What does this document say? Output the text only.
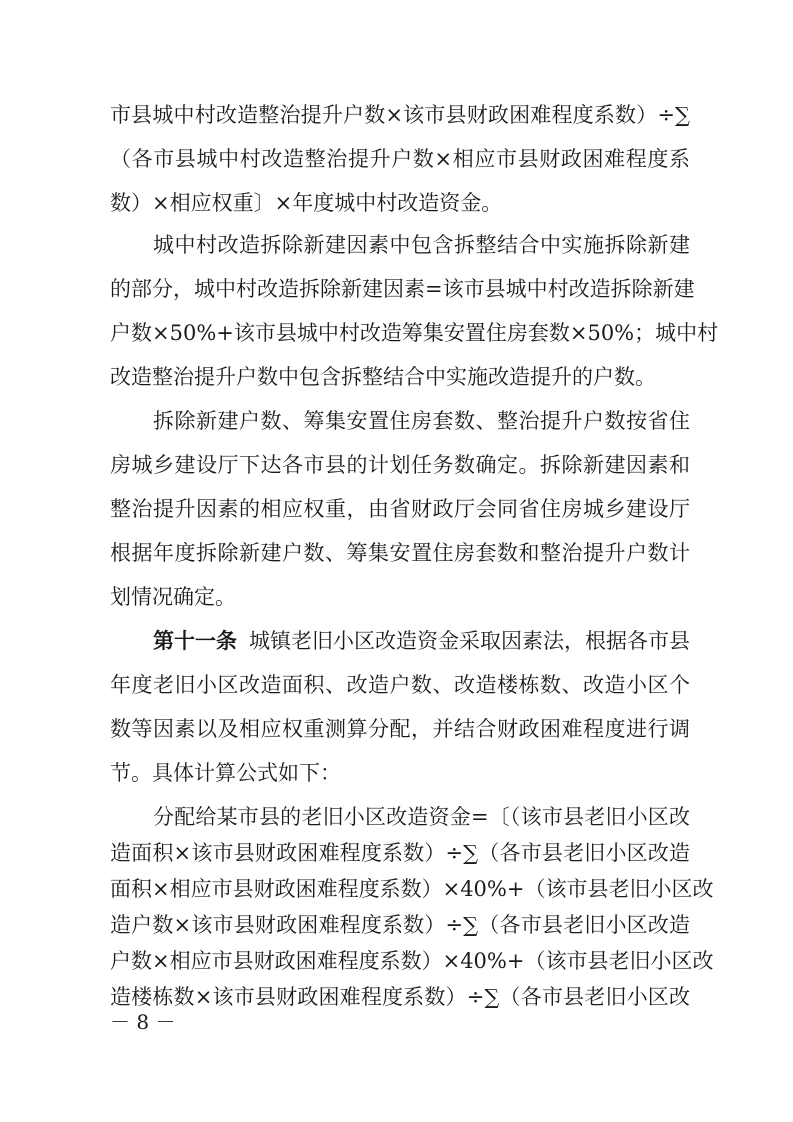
市县城中村改造整治提升户数×该市县财政困难程度系数）÷∑
（各市县城中村改造整治提升户数×相应市县财政困难程度系
数）×相应权重〕×年度城中村改造资金。
城中村改造拆除新建因素中包含拆整结合中实施拆除新建
的部分，城中村改造拆除新建因素=该市县城中村改造拆除新建
户数×50%+该市县城中村改造筹集安置住房套数×50%；城中村
改造整治提升户数中包含拆整结合中实施改造提升的户数。
拆除新建户数、筹集安置住房套数、整治提升户数按省住
房城乡建设厅下达各市县的计划任务数确定。拆除新建因素和
整治提升因素的相应权重，由省财政厅会同省住房城乡建设厅
根据年度拆除新建户数、筹集安置住房套数和整治提升户数计
划情况确定。
第十一条 城镇老旧小区改造资金采取因素法，根据各市县
年度老旧小区改造面积、改造户数、改造楼栋数、改造小区个
数等因素以及相应权重测算分配，并结合财政困难程度进行调
节。具体计算公式如下：
分配给某市县的老旧小区改造资金=〔（该市县老旧小区改
造面积×该市县财政困难程度系数）÷∑（各市县老旧小区改造
面积×相应市县财政困难程度系数）×40%+（该市县老旧小区改
造户数×该市县财政困难程度系数）÷∑（各市县老旧小区改造
户数×相应市县财政困难程度系数）×40%+（该市县老旧小区改
－ 8 －
造楼栋数×该市县财政困难程度系数）÷∑（各市县老旧小区改
